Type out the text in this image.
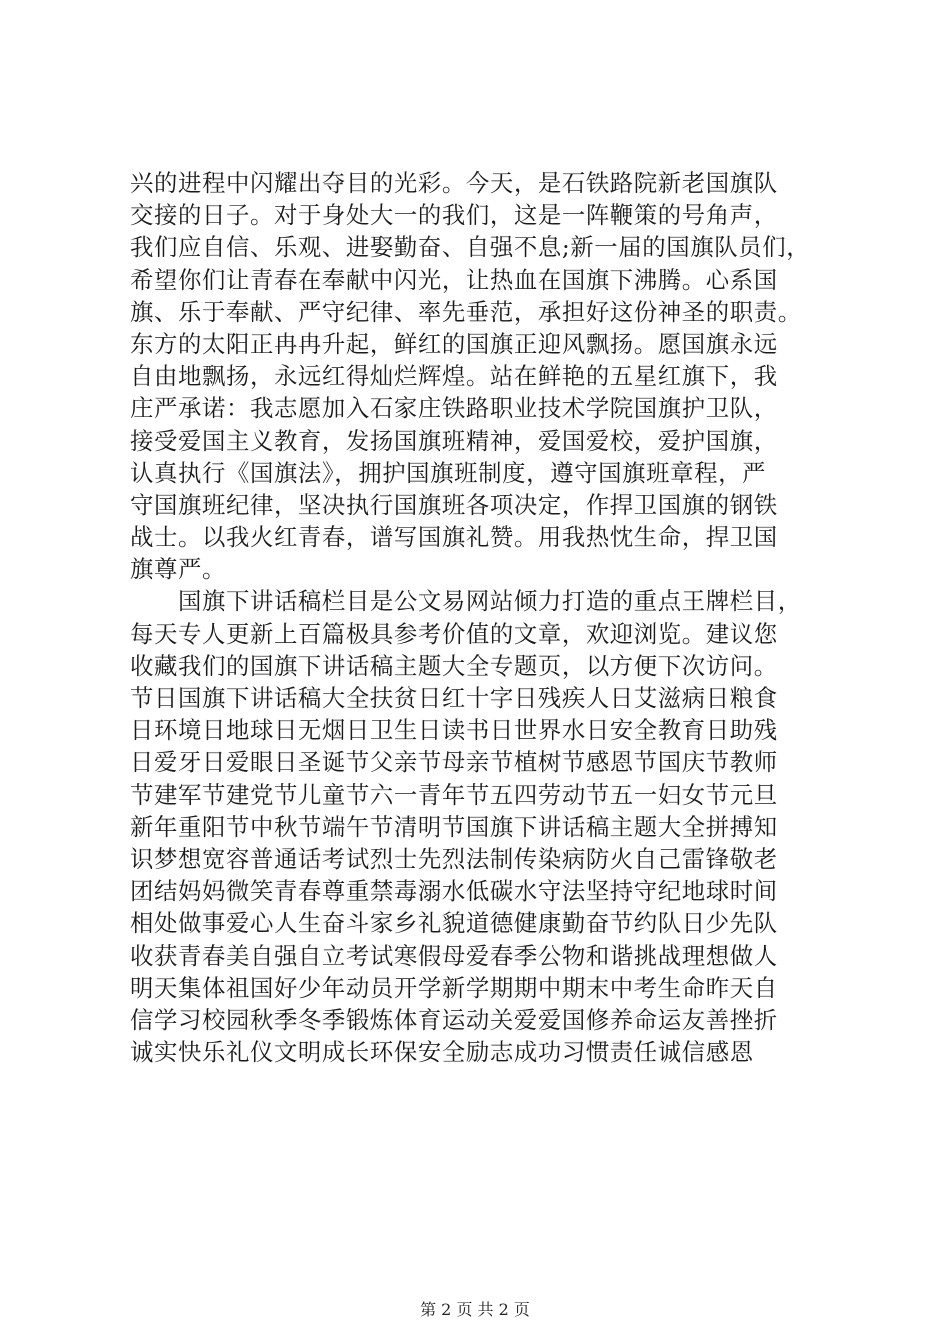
兴的进程中闪耀出夺目的光彩。今天，是石铁路院新老国旗队
交接的日子。对于身处大一的我们，这是一阵鞭策的号角声，
我们应自信、乐观、进娶勤奋、自强不息;新一届的国旗队员们，
希望你们让青春在奉献中闪光，让热血在国旗下沸腾。心系国
旗、乐于奉献、严守纪律、率先垂范，承担好这份神圣的职责。
东方的太阳正冉冉升起，鲜红的国旗正迎风飘扬。愿国旗永远
自由地飘扬，永远红得灿烂辉煌。站在鲜艳的五星红旗下，我
庄严承诺：我志愿加入石家庄铁路职业技术学院国旗护卫队，
接受爱国主义教育，发扬国旗班精神，爱国爱校，爱护国旗，
认真执行《国旗法》，拥护国旗班制度，遵守国旗班章程，严
守国旗班纪律，坚决执行国旗班各项决定，作捍卫国旗的钢铁
战士。以我火红青春，谱写国旗礼赞。用我热忱生命，捍卫国
旗尊严。
　　国旗下讲话稿栏目是公文易网站倾力打造的重点王牌栏目，
每天专人更新上百篇极具参考价值的文章，欢迎浏览。建议您
收藏我们的国旗下讲话稿主题大全专题页，以方便下次访问。
节日国旗下讲话稿大全扶贫日红十字日残疾人日艾滋病日粮食
日环境日地球日无烟日卫生日读书日世界水日安全教育日助残
日爱牙日爱眼日圣诞节父亲节母亲节植树节感恩节国庆节教师
节建军节建党节儿童节六一青年节五四劳动节五一妇女节元旦
新年重阳节中秋节端午节清明节国旗下讲话稿主题大全拼搏知
识梦想宽容普通话考试烈士先烈法制传染病防火自己雷锋敬老
团结妈妈微笑青春尊重禁毒溺水低碳水守法坚持守纪地球时间
相处做事爱心人生奋斗家乡礼貌道德健康勤奋节约队日少先队
收获青春美自强自立考试寒假母爱春季公物和谐挑战理想做人
明天集体祖国好少年动员开学新学期期中期末中考生命昨天自
信学习校园秋季冬季锻炼体育运动关爱爱国修养命运友善挫折
诚实快乐礼仪文明成长环保安全励志成功习惯责任诚信感恩
第 2 页 共 2 页
